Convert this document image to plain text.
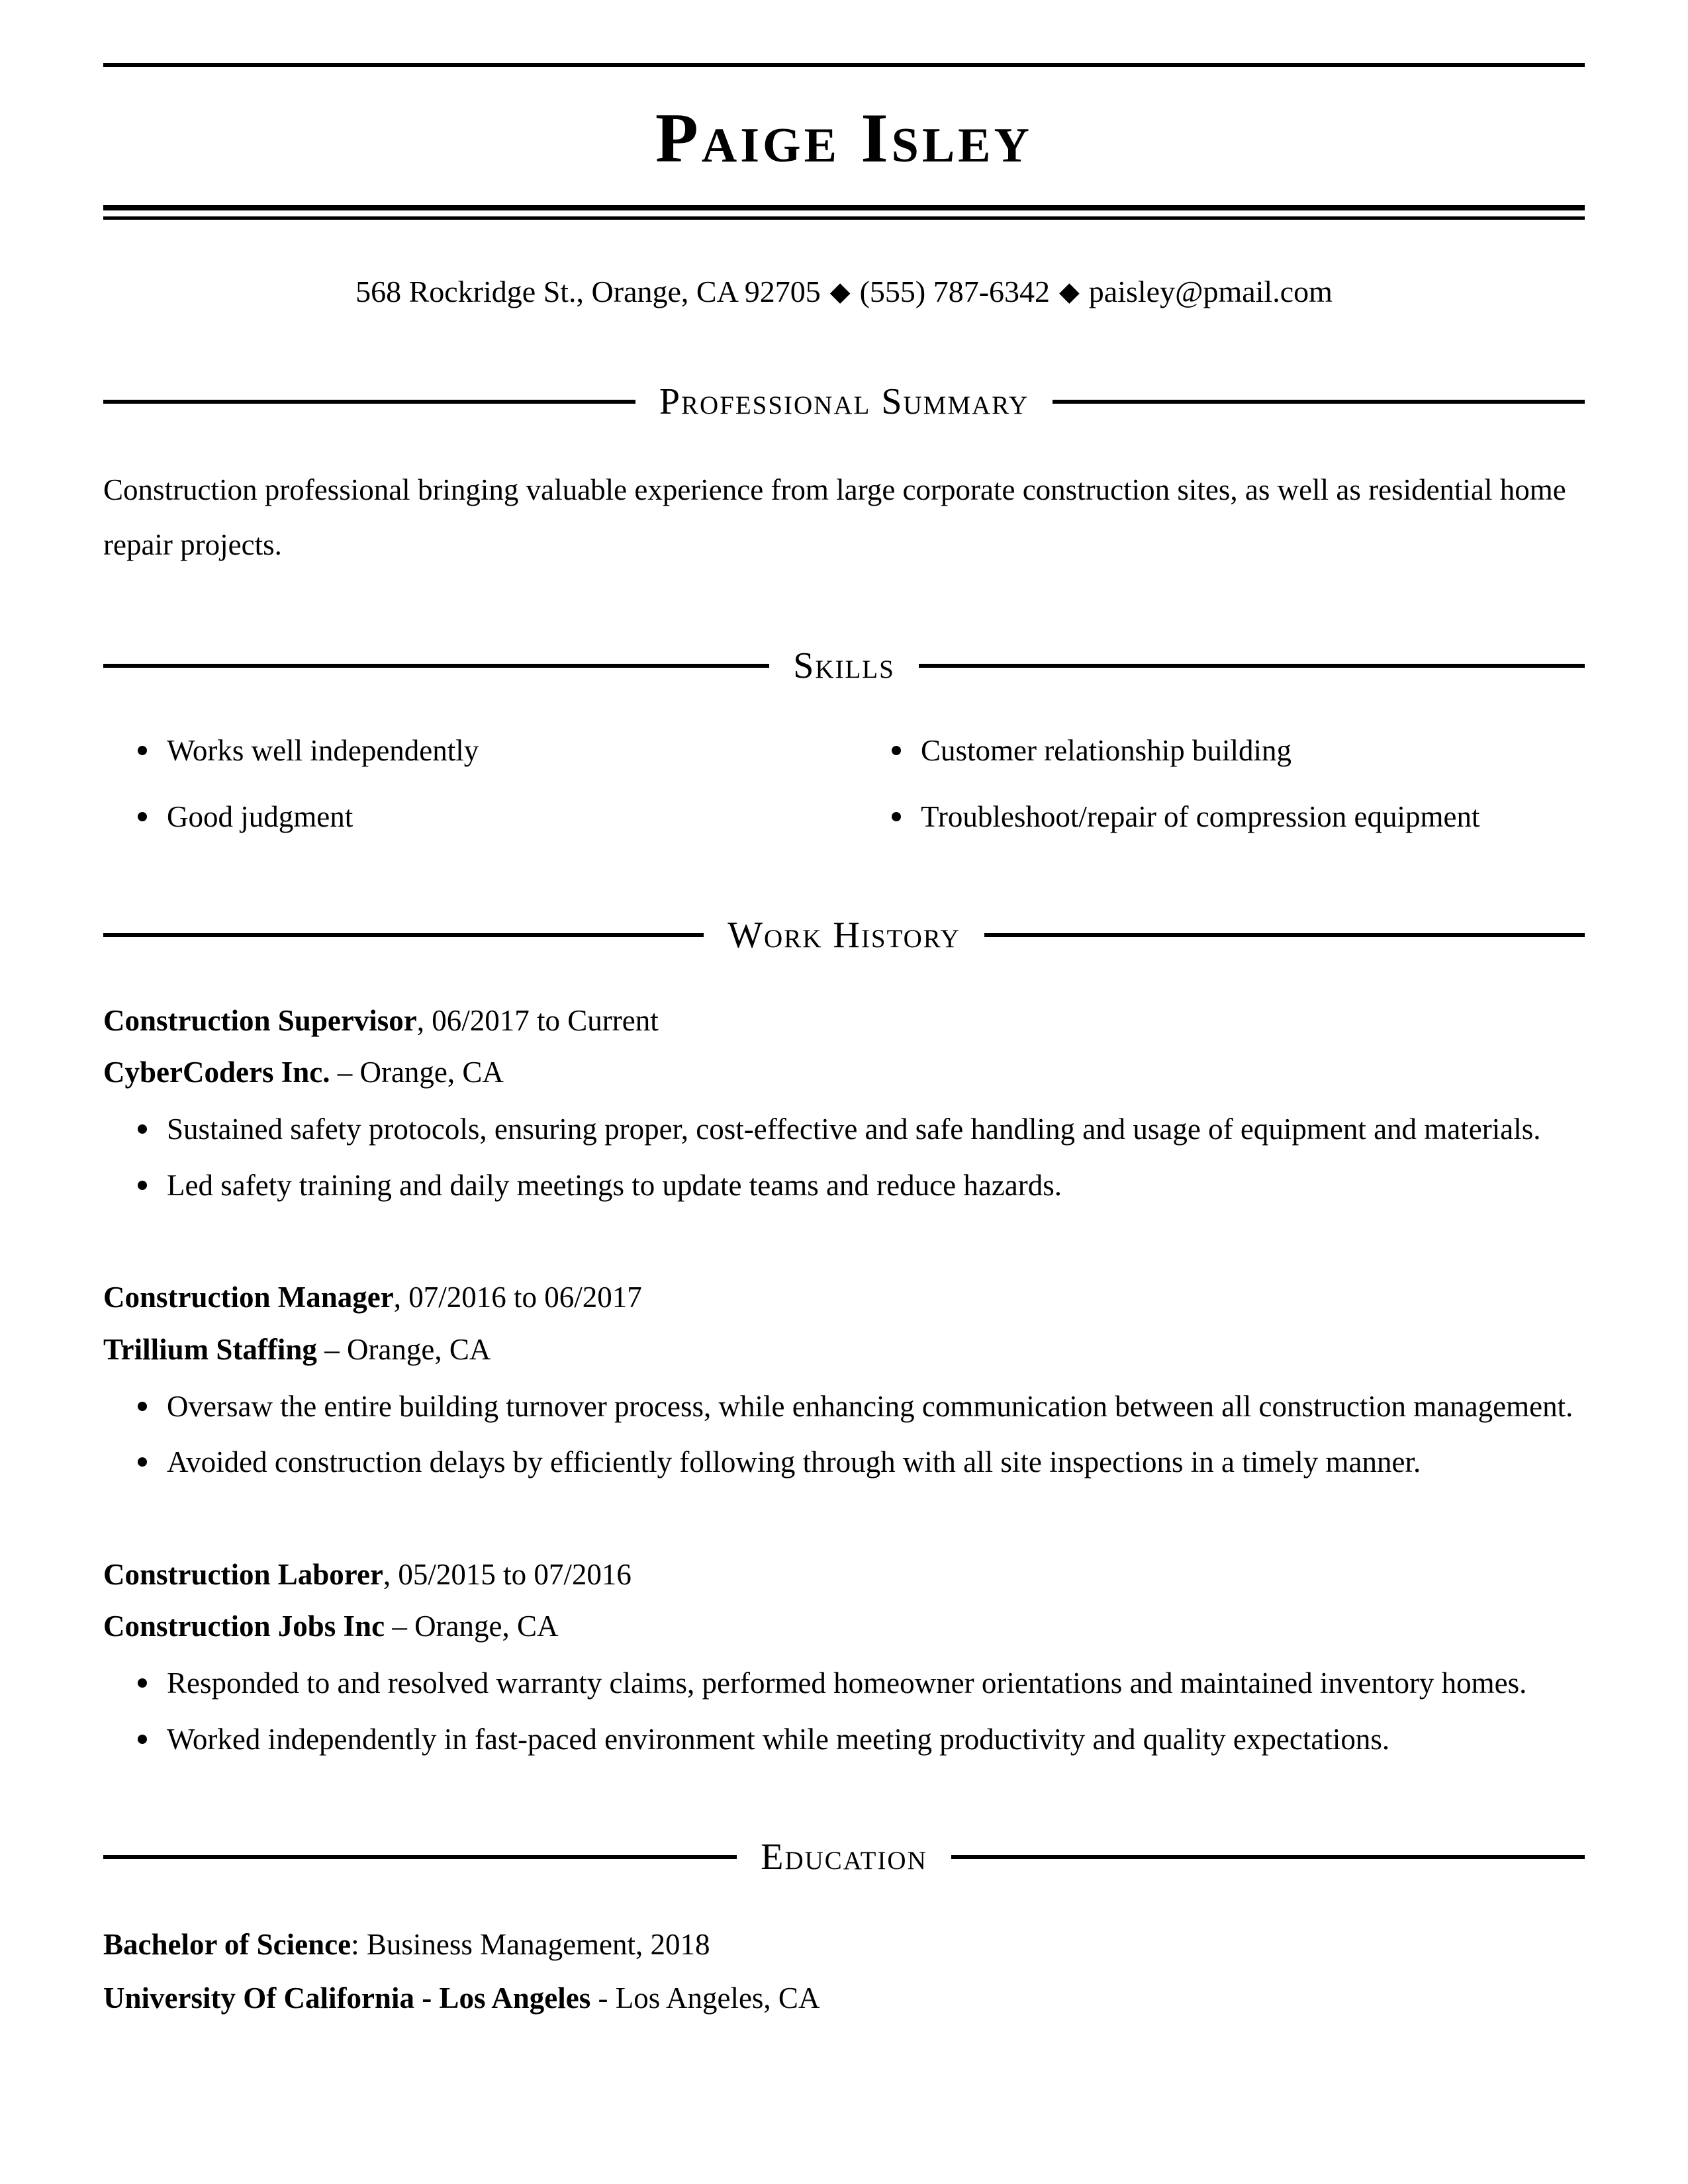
Paige Isley
568 Rockridge St., Orange, CA 92705 ◆ (555) 787-6342 ◆ paisley@pmail.com
Professional Summary

Construction professional bringing valuable experience from large corporate construction sites, as well as residential home repair projects.

Skills
Works well independently	Customer relationship building
Good judgment	Troubleshoot/repair of compression equipment
Work History

Construction Supervisor, 06/2017 to Current

CyberCoders Inc. – Orange, CA

Sustained safety protocols, ensuring proper, cost-effective and safe handling and usage of equipment and materials.
Led safety training and daily meetings to update teams and reduce hazards.

Construction Manager, 07/2016 to 06/2017

Trillium Staffing – Orange, CA

Oversaw the entire building turnover process, while enhancing communication between all construction management.
Avoided construction delays by efficiently following through with all site inspections in a timely manner.

Construction Laborer, 05/2015 to 07/2016

Construction Jobs Inc – Orange, CA

Responded to and resolved warranty claims, performed homeowner orientations and maintained inventory homes.
Worked independently in fast-paced environment while meeting productivity and quality expectations.
Education

Bachelor of Science: Business Management, 2018

University Of California - Los Angeles - Los Angeles, CA
